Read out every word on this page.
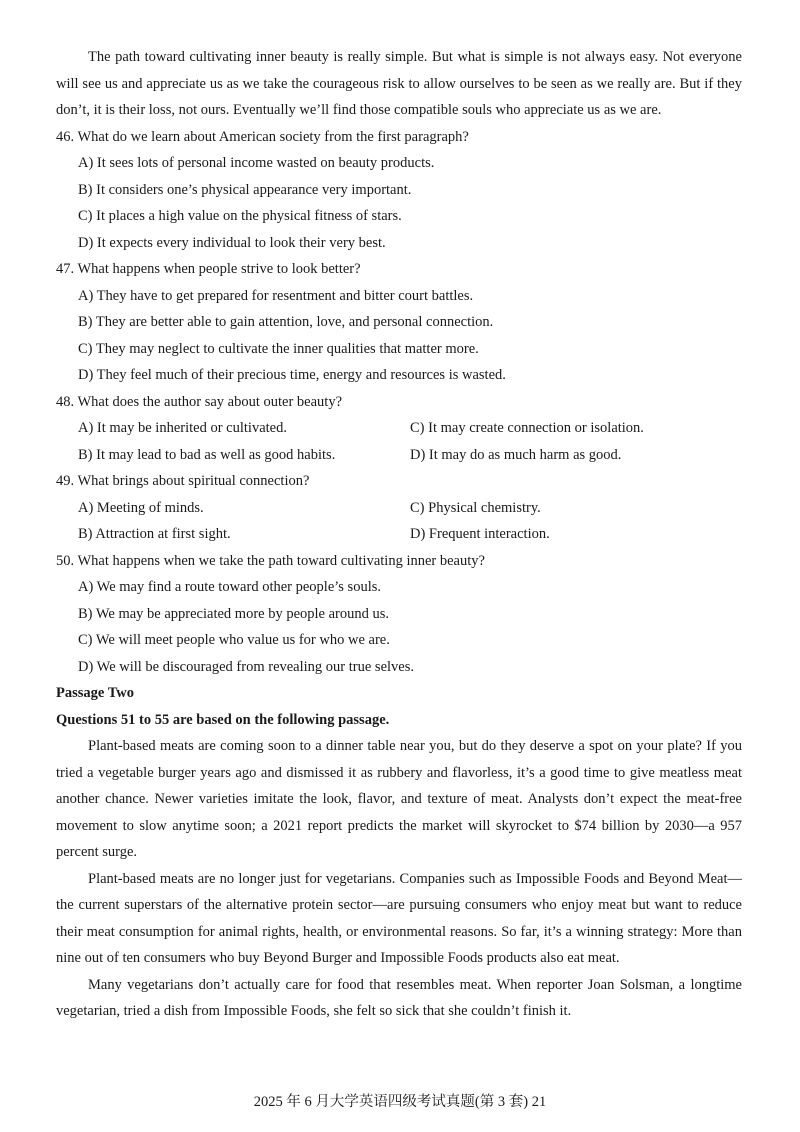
The path toward cultivating inner beauty is really simple. But what is simple is not always easy. Not everyone will see us and appreciate us as we take the courageous risk to allow ourselves to be seen as we really are. But if they don’t, it is their loss, not ours. Eventually we’ll find those compatible souls who appreciate us as we are.

46. What do we learn about American society from the first paragraph?

A) It sees lots of personal income wasted on beauty products.

B) It considers one’s physical appearance very important.

C) It places a high value on the physical fitness of stars.

D) It expects every individual to look their very best.

47. What happens when people strive to look better?

A) They have to get prepared for resentment and bitter court battles.

B) They are better able to gain attention, love, and personal connection.

C) They may neglect to cultivate the inner qualities that matter more.

D) They feel much of their precious time, energy and resources is wasted.

48. What does the author say about outer beauty?

A) It may be inherited or cultivated.	C) It may create connection or isolation.
B) It may lead to bad as well as good habits.	D) It may do as much harm as good.

49. What brings about spiritual connection?

A) Meeting of minds.	C) Physical chemistry.
B) Attraction at first sight.	D) Frequent interaction.

50. What happens when we take the path toward cultivating inner beauty?

A) We may find a route toward other people’s souls.

B) We may be appreciated more by people around us.

C) We will meet people who value us for who we are.

D) We will be discouraged from revealing our true selves.

Passage Two

Questions 51 to 55 are based on the following passage.

Plant-based meats are coming soon to a dinner table near you, but do they deserve a spot on your plate? If you tried a vegetable burger years ago and dismissed it as rubbery and flavorless, it’s a good time to give meatless meat another chance. Newer varieties imitate the look, flavor, and texture of meat. Analysts don’t expect the meat-free movement to slow anytime soon; a 2021 report predicts the market will skyrocket to $74 billion by 2030—a 957 percent surge.

Plant-based meats are no longer just for vegetarians. Companies such as Impossible Foods and Beyond Meat—the current superstars of the alternative protein sector—are pursuing consumers who enjoy meat but want to reduce their meat consumption for animal rights, health, or environmental reasons. So far, it’s a winning strategy: More than nine out of ten consumers who buy Beyond Burger and Impossible Foods products also eat meat.

Many vegetarians don’t actually care for food that resembles meat. When reporter Joan Solsman, a longtime vegetarian, tried a dish from Impossible Foods, she felt so sick that she couldn’t finish it.

2025 年 6 月大学英语四级考试真题(第 3 套) 21
